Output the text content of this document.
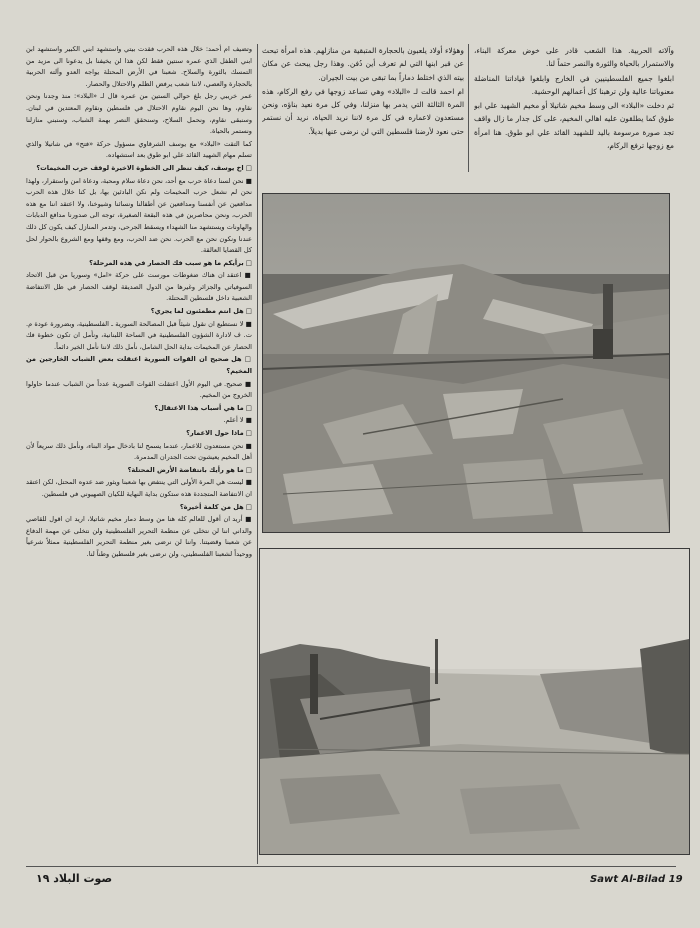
وآلاته الحربية. هذا الشعب قادر على خوض معركة البناء، والاستمرار بالحياة والثورة والنصر حتماً لنا.

ابلغوا جميع الفلسطينيين في الخارج وابلغوا قياداتنا المناضلة معنوياتنا عالية ولن ترهبنا كل أعمالهم الوحشية.

ثم دخلت «البلاد» الى وسط مخيم شاتيلا أو مخيم الشهيد علي ابو طوق كما يطلقون عليه اهالي المخيم، على كل جدار ما زال واقف تجد صورة مرسومة باليد للشهيد القائد علي ابو طوق. هنا امرأة مع زوجها ترفع الركام،

وهؤلاء أولاد يلعبون بالحجارة المتبقية من منازلهم. هذه امرأة تبحث عن قبر ابنها التي لم تعرف أين دُفن. وهذا رجل يبحث عن مكان بيته الذي اختلط دماراً بما تبقى من بيت الجيران.

ام احمد قالت لـ «البلاد» وهي تساعد زوجها في رفع الركام، هذه المرة الثالثة التي يدمر بها منزلنا، وفي كل مرة نعيد بناؤه، ونحن مستعدون لاعماره في كل مرة لاننا نريد الحياة، نريد أن نستمر حتى نعود لأرضنا فلسطين التي لن نرضى عنها بديلاً.

وتضيف ام أحمد: خلال هذه الحرب فقدت بيتي واستشهد ابني الكبير واستشهد ابن ابني الطفل الذي عمره سنتين فقط لكن هذا لن يخيفنا بل يدعونا الى مزيد من التمسك بالثورة والسلاح. شعبنا في الأرض المحتلة يواجه العدو وآلته الحربية بالحجارة والعصي، لاننا شعب يرفض الظلم والاحتلال والحصار.

عمر خريبي رجل بلغ حوالي الستين من عمره قال لـ «البلاد»: منذ وجدنا ونحن نقاوم، وها نحن اليوم نقاوم الاحتلال في فلسطين ونقاوم المعتدين في لبنان. وسنبقى نقاوم، ونحمل السلاح، وسنحقق النصر بهمة الشباب، وسنبني منازلنا ونستمر بالحياة.

كما التقت «البلاد» مع يوسف الشرقاوي مسؤول حركة «فتح» في شاتيلا والذي تسلم مهام الشهيد القائد علي ابو طوق بعد استشهاده.

□ اخ يوسف، كيف تنظر الى الخطوة الاخيرة لوقف حرب المخيمات؟

■ نحن لسنا دعاة حرب مع أحد، نحن دعاة سلام ومحبة، ودعاة امن واستقرار، ولهذا نحن لم نشعل حرب المخيمات ولم نكن البادئين بها، بل كنا خلال هذه الحرب مدافعين عن أنفسنا ومدافعين عن أطفالنا ونسائنا وشيوخنا، ولا اعتقد اننا مع هذه الحرب، ونحن محاصرين في هذه البقعة الصغيرة، توجه الى صدورنا مدافع الدبابات والهاونات ويستشهد منا الشهداء ويسقط الجرحى، وتدمر المنازل كيف يكون كل ذلك عندنا ونكون نحن مع الحرب. نحن ضد الحرب، ومع وقفها ومع الشروع بالحوار لحل كل القضايا العالقة.

□ برأيكم ما هو سبب فك الحصار في هذه المرحلة؟

■ اعتقد ان هناك ضغوطات مورست على حركة «امل» وسوريا من قبل الاتحاد السوفياتي والجزائر وغيرها من الدول الصديقة لوقف الحصار في ظل الانتفاضة الشعبية داخل فلسطين المحتلة.

□ هل انتم مطمئنون لما يجري؟

■ لا نستطيع ان نقول شيئاً قبل المصالحة السورية ـ الفلسطينية، وبضرورة عودة م. ت. ف لادارة الشؤون الفلسطينية في الساحة اللبنانية، ونأمل ان تكون خطوة فك الحصار عن المخيمات بداية الحل الشامل، نأمل ذلك لاننا نأمل الخير دائماً.

□ هل صحيح ان القوات السورية اعتقلت بعض الشباب الخارجين من المخيم؟

■ صحيح. في اليوم الأول اعتقلت القوات السورية عدداً من الشباب عندما حاولوا الخروج من المخيم.

□ ما هي أسباب هذا الاعتقال؟

■ لا أعلم.

□ ماذا حول الاعمار؟

■ نحن مستعدون للاعمار، عندما يسمح لنا بادخال مواد البناء، ونأمل ذلك سريعاً لأن أهل المخيم يعيشون تحت الجدران المدمرة.

□ ما هو رأيك بانتفاضة الأرض المحتلة؟

■ ليست هي المرة الأولى التي ينتفض بها شعبنا ويثور ضد عدوه المحتل، لكن اعتقد ان الانتفاضة المتجددة هذه ستكون بداية النهاية للكيان الصهيوني في فلسطين.

□ هل من كلمة أخيرة؟

■ أريد ان أقول للعالم كله هنا من وسط دمار مخيم شاتيلا، اريد ان اقول للقاصي والداني اننا لن نتخلى عن منظمة التحرير الفلسطينية ولن نتخلى عن مهمة الدفاع عن شعبنا وقضيتنا. واننا لن نرضى بغير منظمة التحرير الفلسطينية ممثلاً شرعياً ووحيداً لشعبنا الفلسطيني، ولن نرضى بغير فلسطين وطناً لنا.

Sawt Al-Bilad 19
صوت البلاد ١٩
